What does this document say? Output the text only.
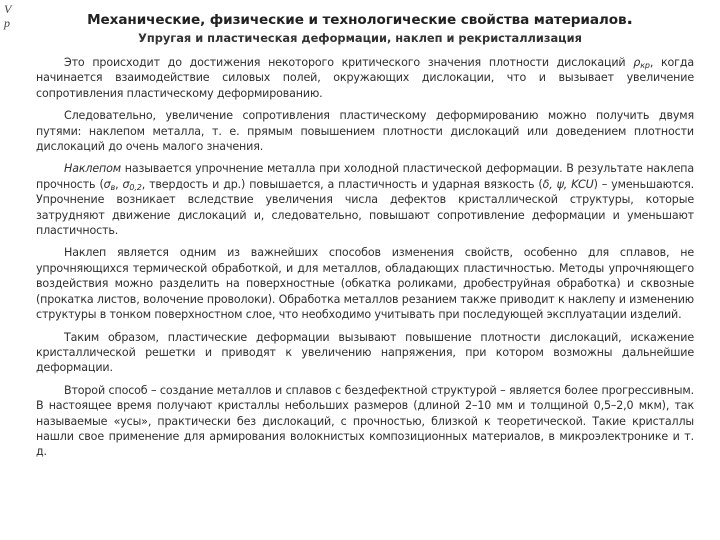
V
p	Механические, физические и технологические свойства материалов.
Упругая и пластическая деформации, наклеп и рекристаллизация

Это происходит до достижения некоторого критического значения плотности дислокаций $\rho_{кр}$, когда начинается взаимодействие силовых полей, окружающих дислокации, что и вызывает увеличение сопротивления пластическому деформированию.

Следовательно, увеличение сопротивления пластическому деформированию можно получить двумя путями: наклепом металла, т. е. прямым повышением плотности дислокаций или доведением плотности дислокаций до очень малого значения.

Наклепом называется упрочнение металла при холодной пластической деформации. В результате наклепа прочность ($\sigma_в$, $\sigma_{0,2}$, твердость и др.) повышается, а пластичность и ударная вязкость (δ, ψ, KCU) – уменьшаются. Упрочнение возникает вследствие увеличения числа дефектов кристаллической структуры, которые затрудняют движение дислокаций и, следовательно, повышают сопротивление деформации и уменьшают пластичность.

Наклеп является одним из важнейших способов изменения свойств, особенно для сплавов, не упрочняющихся термической обработкой, и для металлов, обладающих пластичностью. Методы упрочняющего воздействия можно разделить на поверхностные (обкатка роликами, дробеструйная обработка) и сквозные (прокатка листов, волочение проволоки). Обработка металлов резанием также приводит к наклепу и изменению структуры в тонком поверхностном слое, что необходимо учитывать при последующей эксплуатации изделий.

Таким образом, пластические деформации вызывают повышение плотности дислокаций, искажение кристаллической решетки и приводят к увеличению напряжения, при котором возможны дальнейшие деформации.

Второй способ – создание металлов и сплавов с бездефектной структурой – является более прогрессивным. В настоящее время получают кристаллы небольших размеров (длиной 2–10 мм и толщиной 0,5–2,0 мкм), так называемые «усы», практически без дислокаций, с прочностью, близкой к теоретической. Такие кристаллы нашли свое применение для армирования волокнистых композиционных материалов, в микроэлектронике и т. д.
